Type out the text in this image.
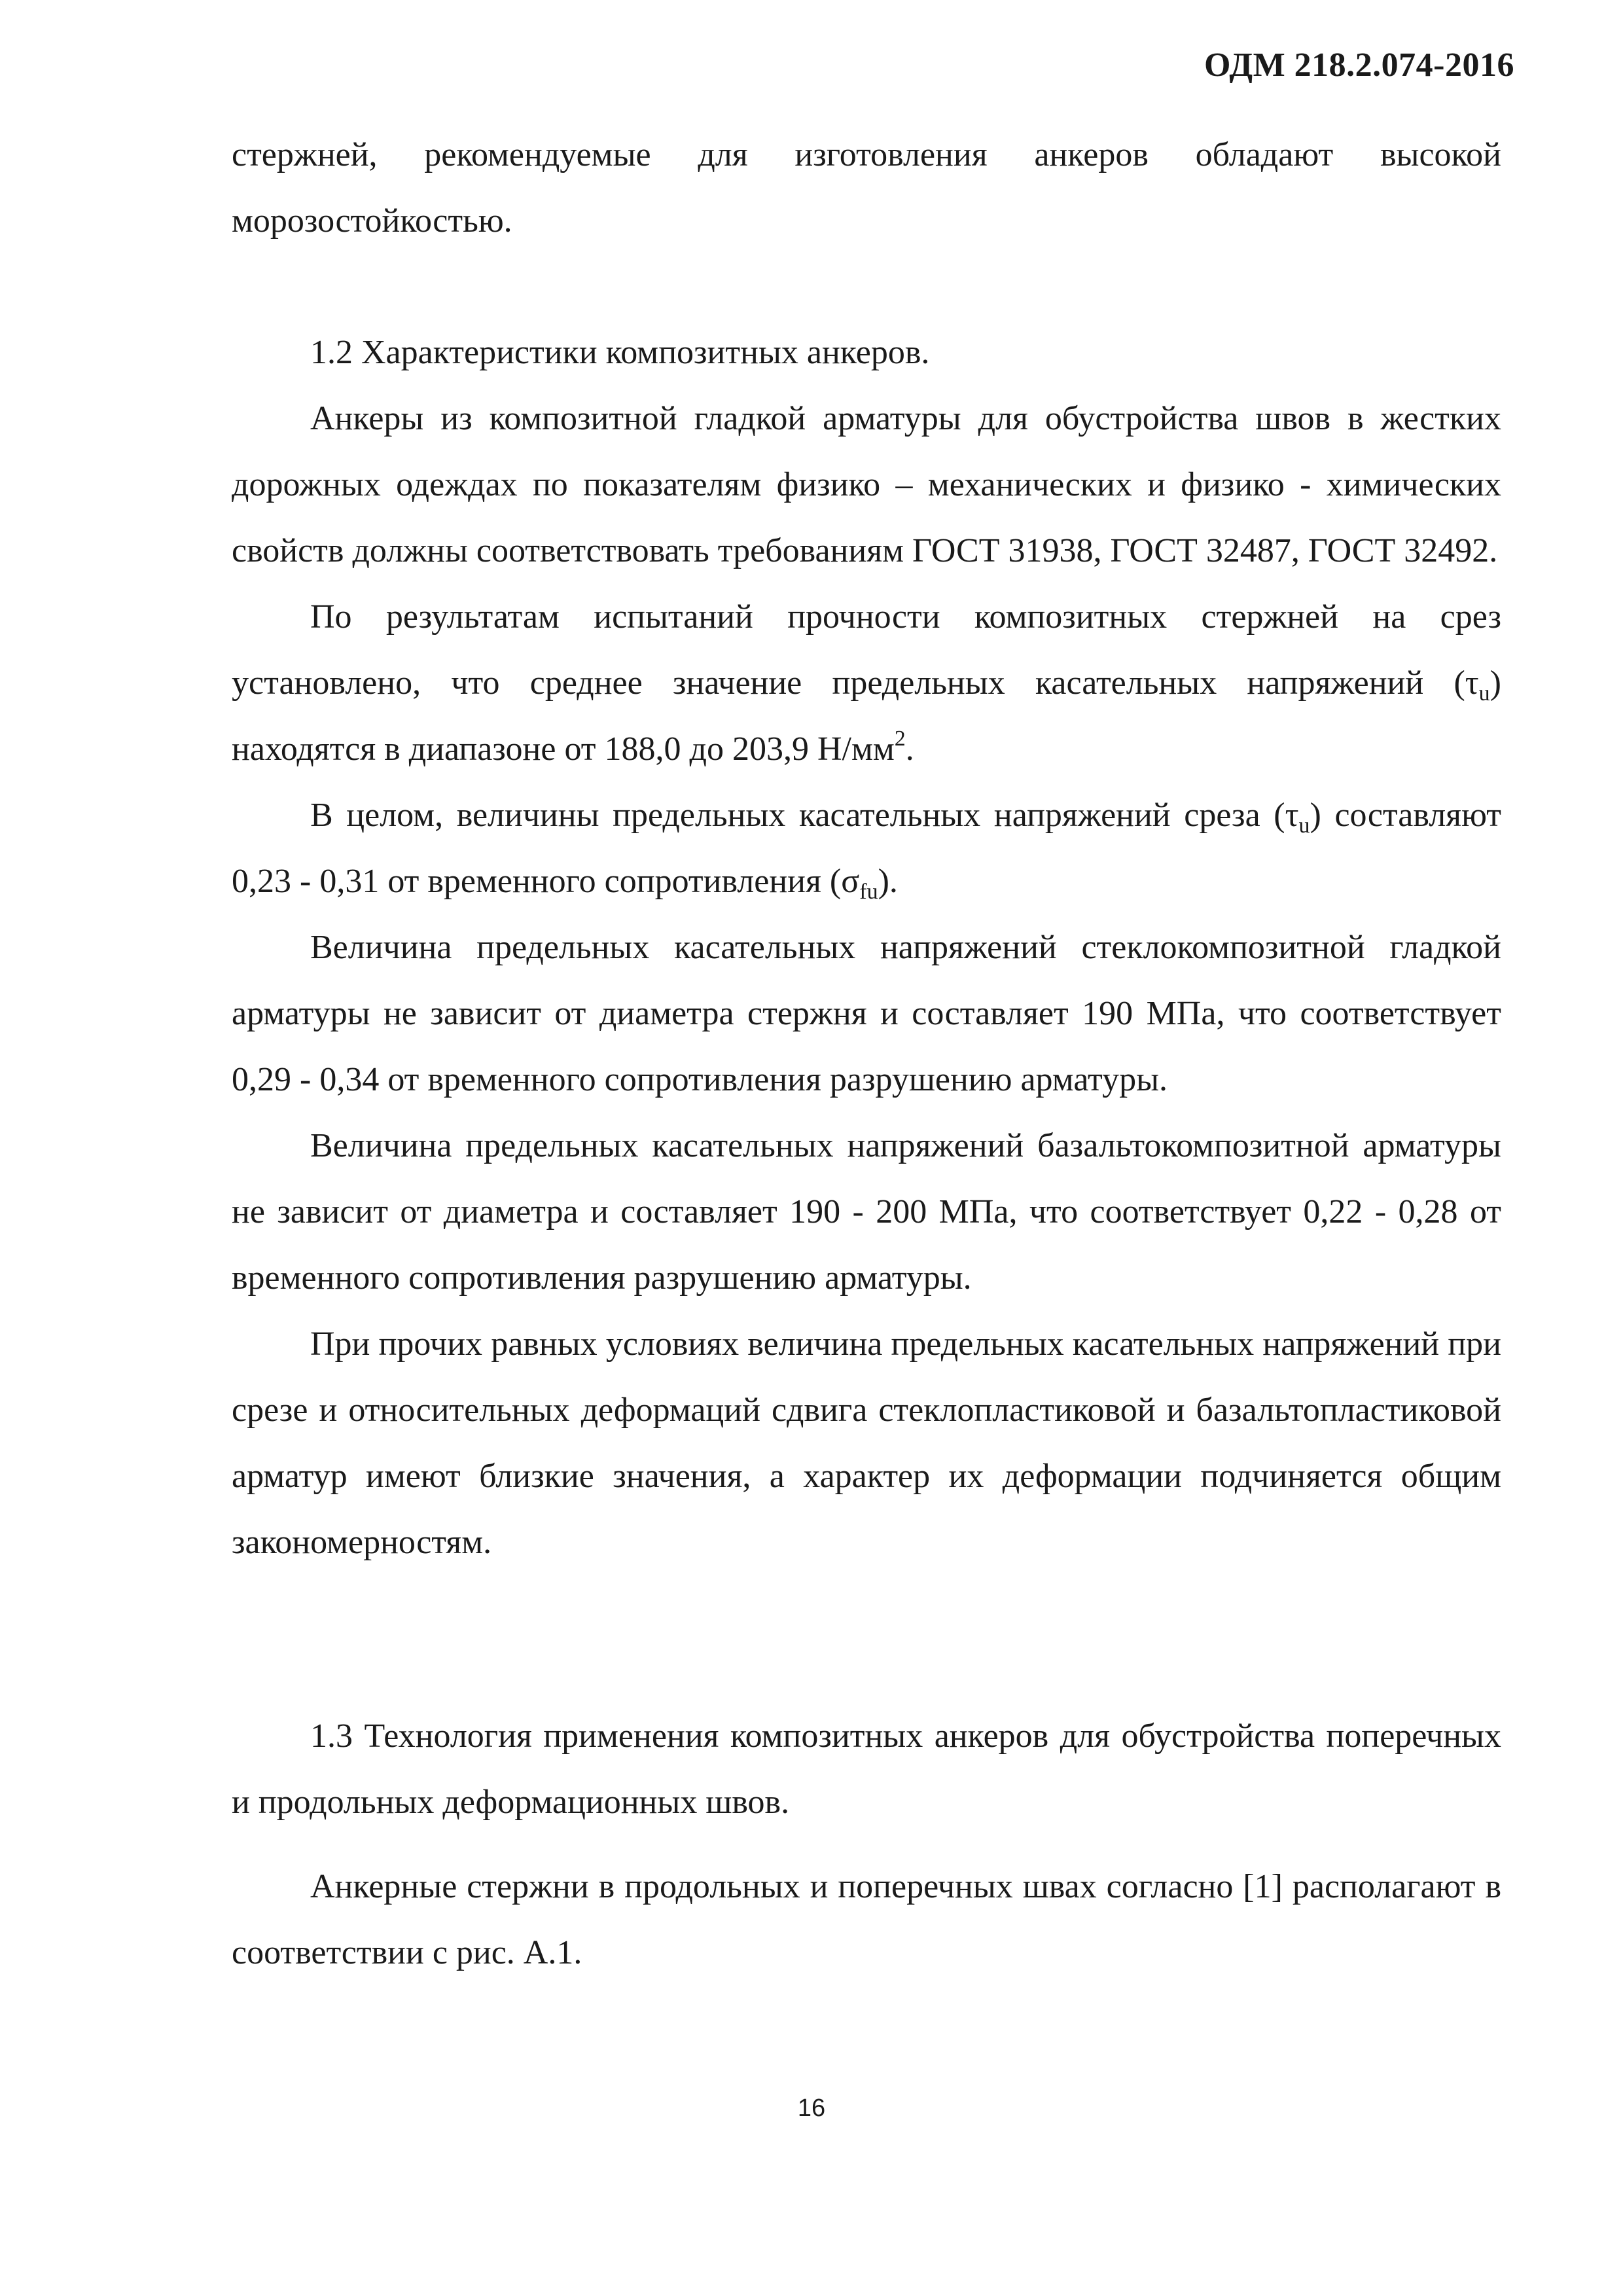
ОДМ 218.2.074-2016

стержней, рекомендуемые для изготовления анкеров обладают высокой морозостойкостью.

1.2 Характеристики композитных анкеров.

Анкеры из композитной гладкой арматуры для обустройства швов в жестких дорожных одеждах по показателям физико – механических и физико - химических свойств должны соответствовать требованиям ГОСТ 31938, ГОСТ 32487, ГОСТ 32492.

По результатам испытаний прочности композитных стержней на срез установлено, что среднее значение предельных касательных напряжений $(\tau_u)$ находятся в диапазоне от 188,0 до 203,9 $Н/мм^2$.

В целом, величины предельных касательных напряжений среза $(\tau_u)$ составляют 0,23 - 0,31 от временного сопротивления $(\sigma_{fu})$.

Величина предельных касательных напряжений стеклокомпозитной гладкой арматуры не зависит от диаметра стержня и составляет 190 МПа, что соответствует 0,29 - 0,34 от временного сопротивления разрушению арматуры.

Величина предельных касательных напряжений базальтокомпозитной арматуры не зависит от диаметра и составляет 190 - 200 МПа, что соответствует 0,22 - 0,28 от временного сопротивления разрушению арматуры.

При прочих равных условиях величина предельных касательных напряжений при срезе и относительных деформаций сдвига стеклопластиковой и базальтопластиковой арматур имеют близкие значения, а характер их деформации подчиняется общим закономерностям.

1.3 Технология применения композитных анкеров для обустройства поперечных и продольных деформационных швов.

Анкерные стержни в продольных и поперечных швах согласно [1] располагают в соответствии с рис. А.1.

16
